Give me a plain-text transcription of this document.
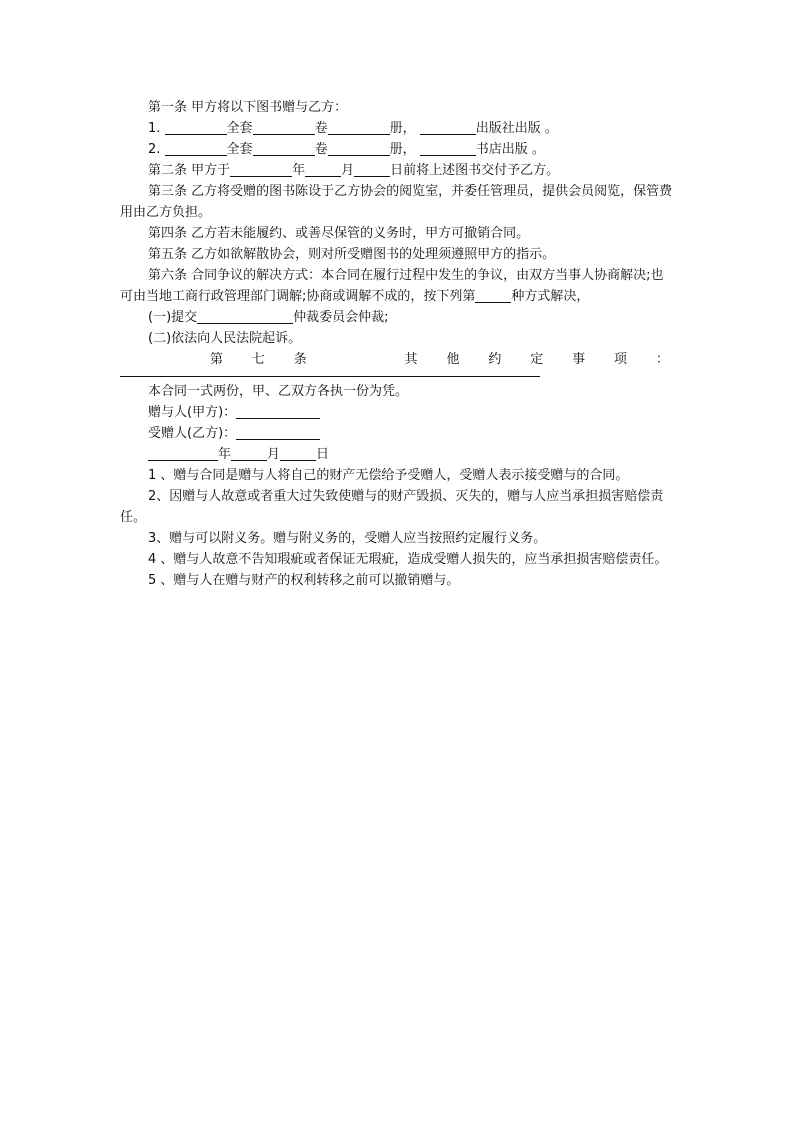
第一条 甲方将以下图书赠与乙方：
1.	全套	卷	册，	出版社出版 。
2.	全套	卷	册，	书店出版 。
第二条 甲方于	年	月	日前将上述图书交付予乙方。
第三条 乙方将受赠的图书陈设于乙方协会的阅览室，并委任管理员，提供会员阅览，保管费用由乙方负担。
第四条 乙方若未能履约、或善尽保管的义务时，甲方可撤销合同。
第五条 乙方如欲解散协会，则对所受赠图书的处理须遵照甲方的指示。
第六条 合同争议的解决方式：本合同在履行过程中发生的争议，由双方当事人协商解决;也可由当地工商行政管理部门调解;协商或调解不成的，按下列第	种方式解决，
(一)提交	仲裁委员会仲裁;
(二)依法向人民法院起诉。
第 七 条	其 他 约 定 事 项 ：
本合同一式两份，甲、乙双方各执一份为凭。
赠与人(甲方)：
受赠人(乙方)：
年	月	日
1 、赠与合同是赠与人将自己的财产无偿给予受赠人，受赠人表示接受赠与的合同。
2、因赠与人故意或者重大过失致使赠与的财产毁损、灭失的，赠与人应当承担损害赔偿责任。
3、赠与可以附义务。赠与附义务的，受赠人应当按照约定履行义务。
4 、赠与人故意不告知瑕疵或者保证无瑕疵，造成受赠人损失的，应当承担损害赔偿责任。
5 、赠与人在赠与财产的权利转移之前可以撤销赠与。
